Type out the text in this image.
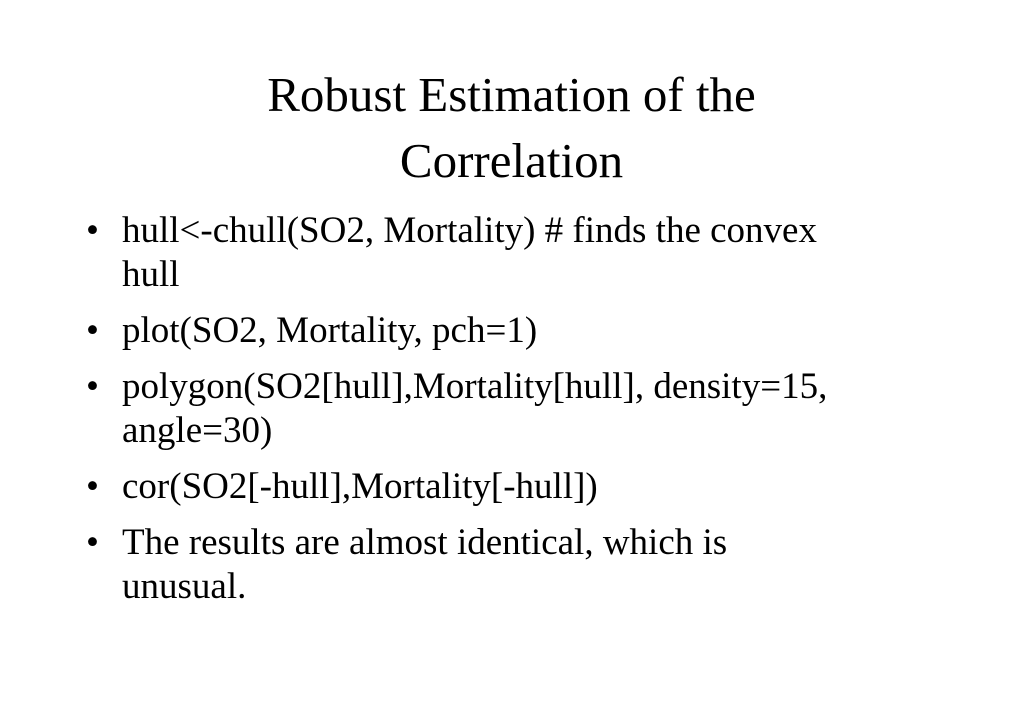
Robust Estimation of the
Correlation
• hull<-chull(SO2, Mortality) # finds the convex
hull
• plot(SO2, Mortality, pch=1)
• polygon(SO2[hull],Mortality[hull], density=15,
angle=30)
• cor(SO2[-hull],Mortality[-hull])
• The results are almost identical, which is
unusual.
